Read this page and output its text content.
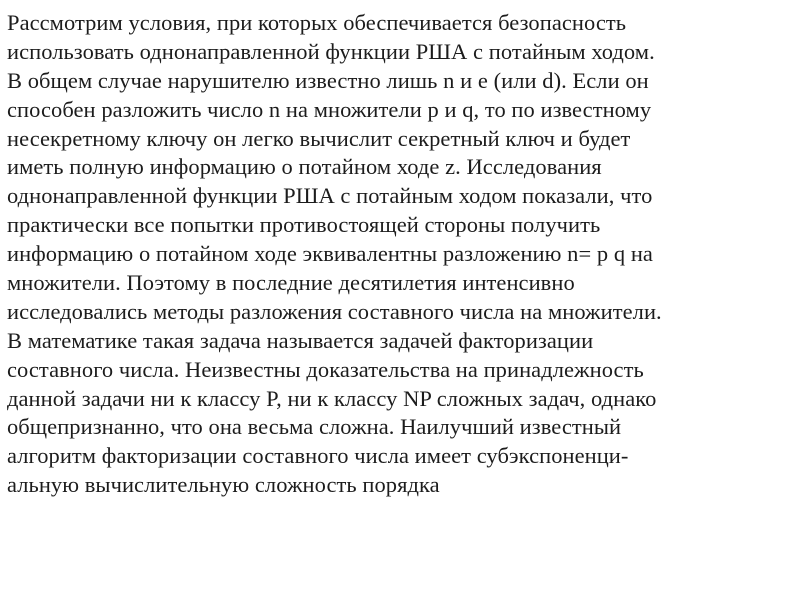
Рассмотрим условия, при которых обеспечивается безопасность
использовать однонаправленной функции РША с потайным ходом.
В общем случае нарушителю известно лишь n и e (или d). Если он
способен разложить число n на множители p и q, то по известному
несекретному ключу он легко вычислит секретный ключ и будет
иметь полную информацию о потайном ходе z. Исследования
однонаправленной функции РША с потайным ходом показали, что
практически все попытки противостоящей стороны получить
информацию о потайном ходе эквивалентны разложению n= p q на
множители. Поэтому в последние десятилетия интенсивно
исследовались методы разложения составного числа на множители.
В математике такая задача называется задачей факторизации
составного числа. Неизвестны доказательства на принадлежность
данной задачи ни к классу P, ни к классу NP сложных задач, однако
общепризнанно, что она весьма сложна. Наилучший известный
алгоритм факторизации составного числа имеет субэкспоненци-
альную вычислительную сложность порядка
